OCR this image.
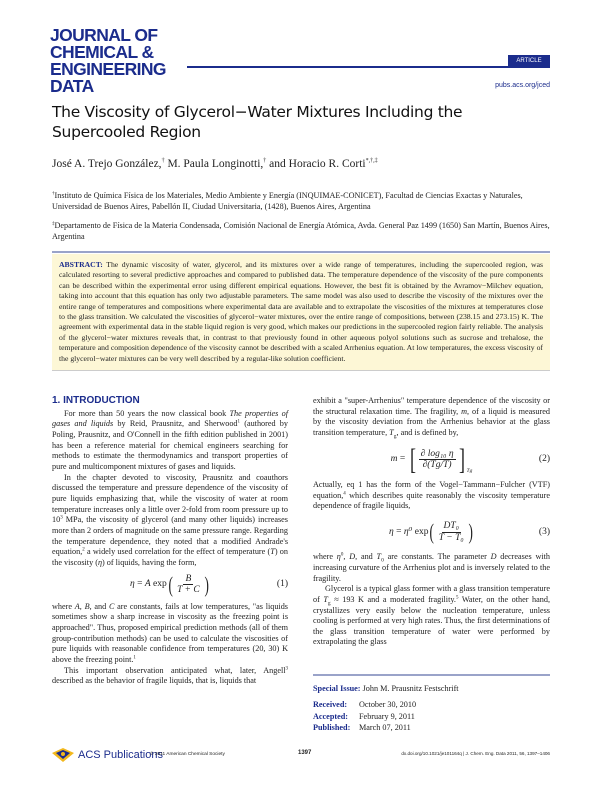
JOURNAL OF
CHEMICAL &
ENGINEERING
DATA
ARTICLE
pubs.acs.org/jced
The Viscosity of Glycerol−Water Mixtures Including the Supercooled Region
José A. Trejo González,† M. Paula Longinotti,† and Horacio R. Corti*,†,‡
†Instituto de Química Física de los Materiales, Medio Ambiente y Energía (INQUIMAE-CONICET), Facultad de Ciencias Exactas y Naturales, Universidad de Buenos Aires, Pabellón II, Ciudad Universitaria, (1428), Buenos Aires, Argentina
‡Departamento de Física de la Materia Condensada, Comisión Nacional de Energía Atómica, Avda. General Paz 1499 (1650) San Martín, Buenos Aires, Argentina
ABSTRACT: The dynamic viscosity of water, glycerol, and its mixtures over a wide range of temperatures, including the supercooled region, was calculated resorting to several predictive approaches and compared to published data. The temperature dependence of the viscosity of the pure components can be described within the experimental error using different empirical equations. However, the best fit is obtained by the Avramov−Milchev equation, taking into account that this equation has only two adjustable parameters. The same model was also used to describe the viscosity of the mixtures over the entire range of temperatures and compositions where experimental data are available and to extrapolate the viscosities of the mixtures at temperatures close to the glass transition. We calculated the viscosities of glycerol−water mixtures, over the entire range of compositions, between (238.15 and 273.15) K. The agreement with experimental data in the stable liquid region is very good, which makes our predictions in the supercooled region fairly reliable. The analysis of the glycerol−water mixtures reveals that, in contrast to that previously found in other aqueous polyol solutions such as sucrose and trehalose, the temperature and composition dependence of the viscosity cannot be described with a scaled Arrhenius equation. At low temperatures, the excess viscosity of the glycerol−water mixtures can be very well described by a regular-like solution coefficient.
1. INTRODUCTION

For more than 50 years the now classical book The properties of gases and liquids by Reid, Prausnitz, and Sherwood$^1$ (authored by Poling, Prausnitz, and O'Connell in the fifth edition published in 2001) has been a reference material for chemical engineers searching for methods to estimate the thermodynamics and transport properties of pure and multicomponent mixtures of gases and liquids.

In the chapter devoted to viscosity, Prausnitz and coauthors discussed the temperature and pressure dependence of the viscosity of pure liquids emphasizing that, while the viscosity of water at room temperature increases only a little over 2-fold from room pressure up to $10^3$ MPa, the viscosity of glycerol (and many other liquids) increases more than 2 orders of magnitude on the same pressure range. Regarding the temperature dependence, they noted that a modified Andrade's equation,$^2$ a widely used correlation for the effect of temperature (T) on the viscosity (η) of liquids, having the form,

η
=
A
exp ( $\frac{B}{T + C}$ )	(1)

where A, B, and C are constants, fails at low temperatures, "as liquids sometimes show a sharp increase in viscosity as the freezing point is approached". Thus, proposed empirical prediction methods (all of them group-contribution methods) can be used to calculate the viscosities of pure liquids with reasonable confidence from temperatures (20, 30) K above the freezing point.$^1$

This important observation anticipated what, later, Angell$^3$ described as the behavior of fragile liquids, that is, liquids that

exhibit a "super-Arrhenius" temperature dependence of the viscosity or the structural relaxation time. The fragility, m, of a liquid is measured by the viscosity deviation from the Arrhenius behavior at the glass transition temperature, $T_g$, and is defined by,

m
=
[ $\frac{\text{∂ log₁₀ η}}{\partial(Tg/T)}$ ] Tg
(2)

Actually, eq 1 has the form of the Vogel−Tammann−Fulcher (VTF) equation,$^4$ which describes quite reasonably the viscosity temperature dependence of fragile liquids,

η
=
η⁰
exp ( $\frac{\text{DT₀}}{\text{T − T₀}}$ )	(3)

where $\eta^0$, D, and $T_0$ are constants. The parameter D decreases with increasing curvature of the Arrhenius plot and is inversely related to the fragility.

Glycerol is a typical glass former with a glass transition temperature of $T_g \approx 193$ K and a moderated fragility.$^5$ Water, on the other hand, crystallizes very easily below the nucleation temperature, unless cooling is performed at very high rates. Thus, the first determinations of the glass transition temperature of water were performed by extrapolating the glass

Special Issue: John M. Prausnitz Festschrift
Received: October 30, 2010
Accepted: February 9, 2011
Published: March 07, 2011
ACS Publications
© 2011 American Chemical Society	1397	dx.doi.org/10.1021/je101164q | J. Chem. Eng. Data 2011, 56, 1397–1406
